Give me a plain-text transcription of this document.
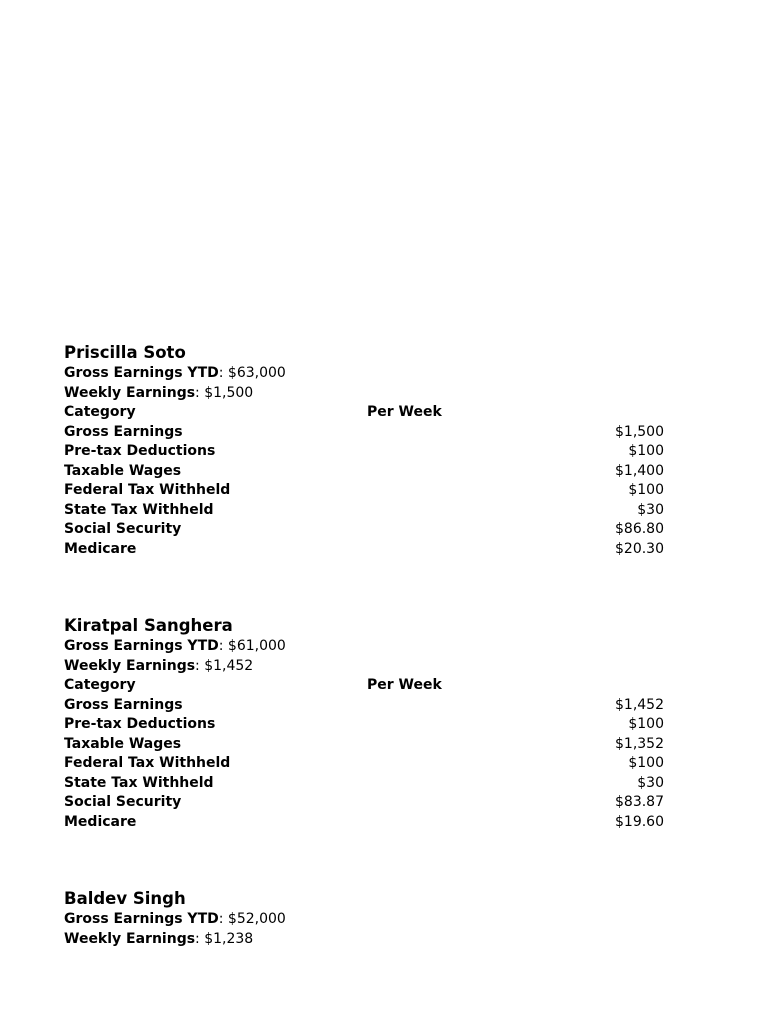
Priscilla Soto
Gross Earnings YTD: $63,000
Weekly Earnings: $1,500
Category	Per Week	
Gross Earnings		$1,500
Pre-tax Deductions		$100
Taxable Wages		$1,400
Federal Tax Withheld		$100
State Tax Withheld		$30
Social Security		$86.80
Medicare		$20.30
Kiratpal Sanghera
Gross Earnings YTD: $61,000
Weekly Earnings: $1,452
Category	Per Week	
Gross Earnings		$1,452
Pre-tax Deductions		$100
Taxable Wages		$1,352
Federal Tax Withheld		$100
State Tax Withheld		$30
Social Security		$83.87
Medicare		$19.60
Baldev Singh
Gross Earnings YTD: $52,000
Weekly Earnings: $1,238
